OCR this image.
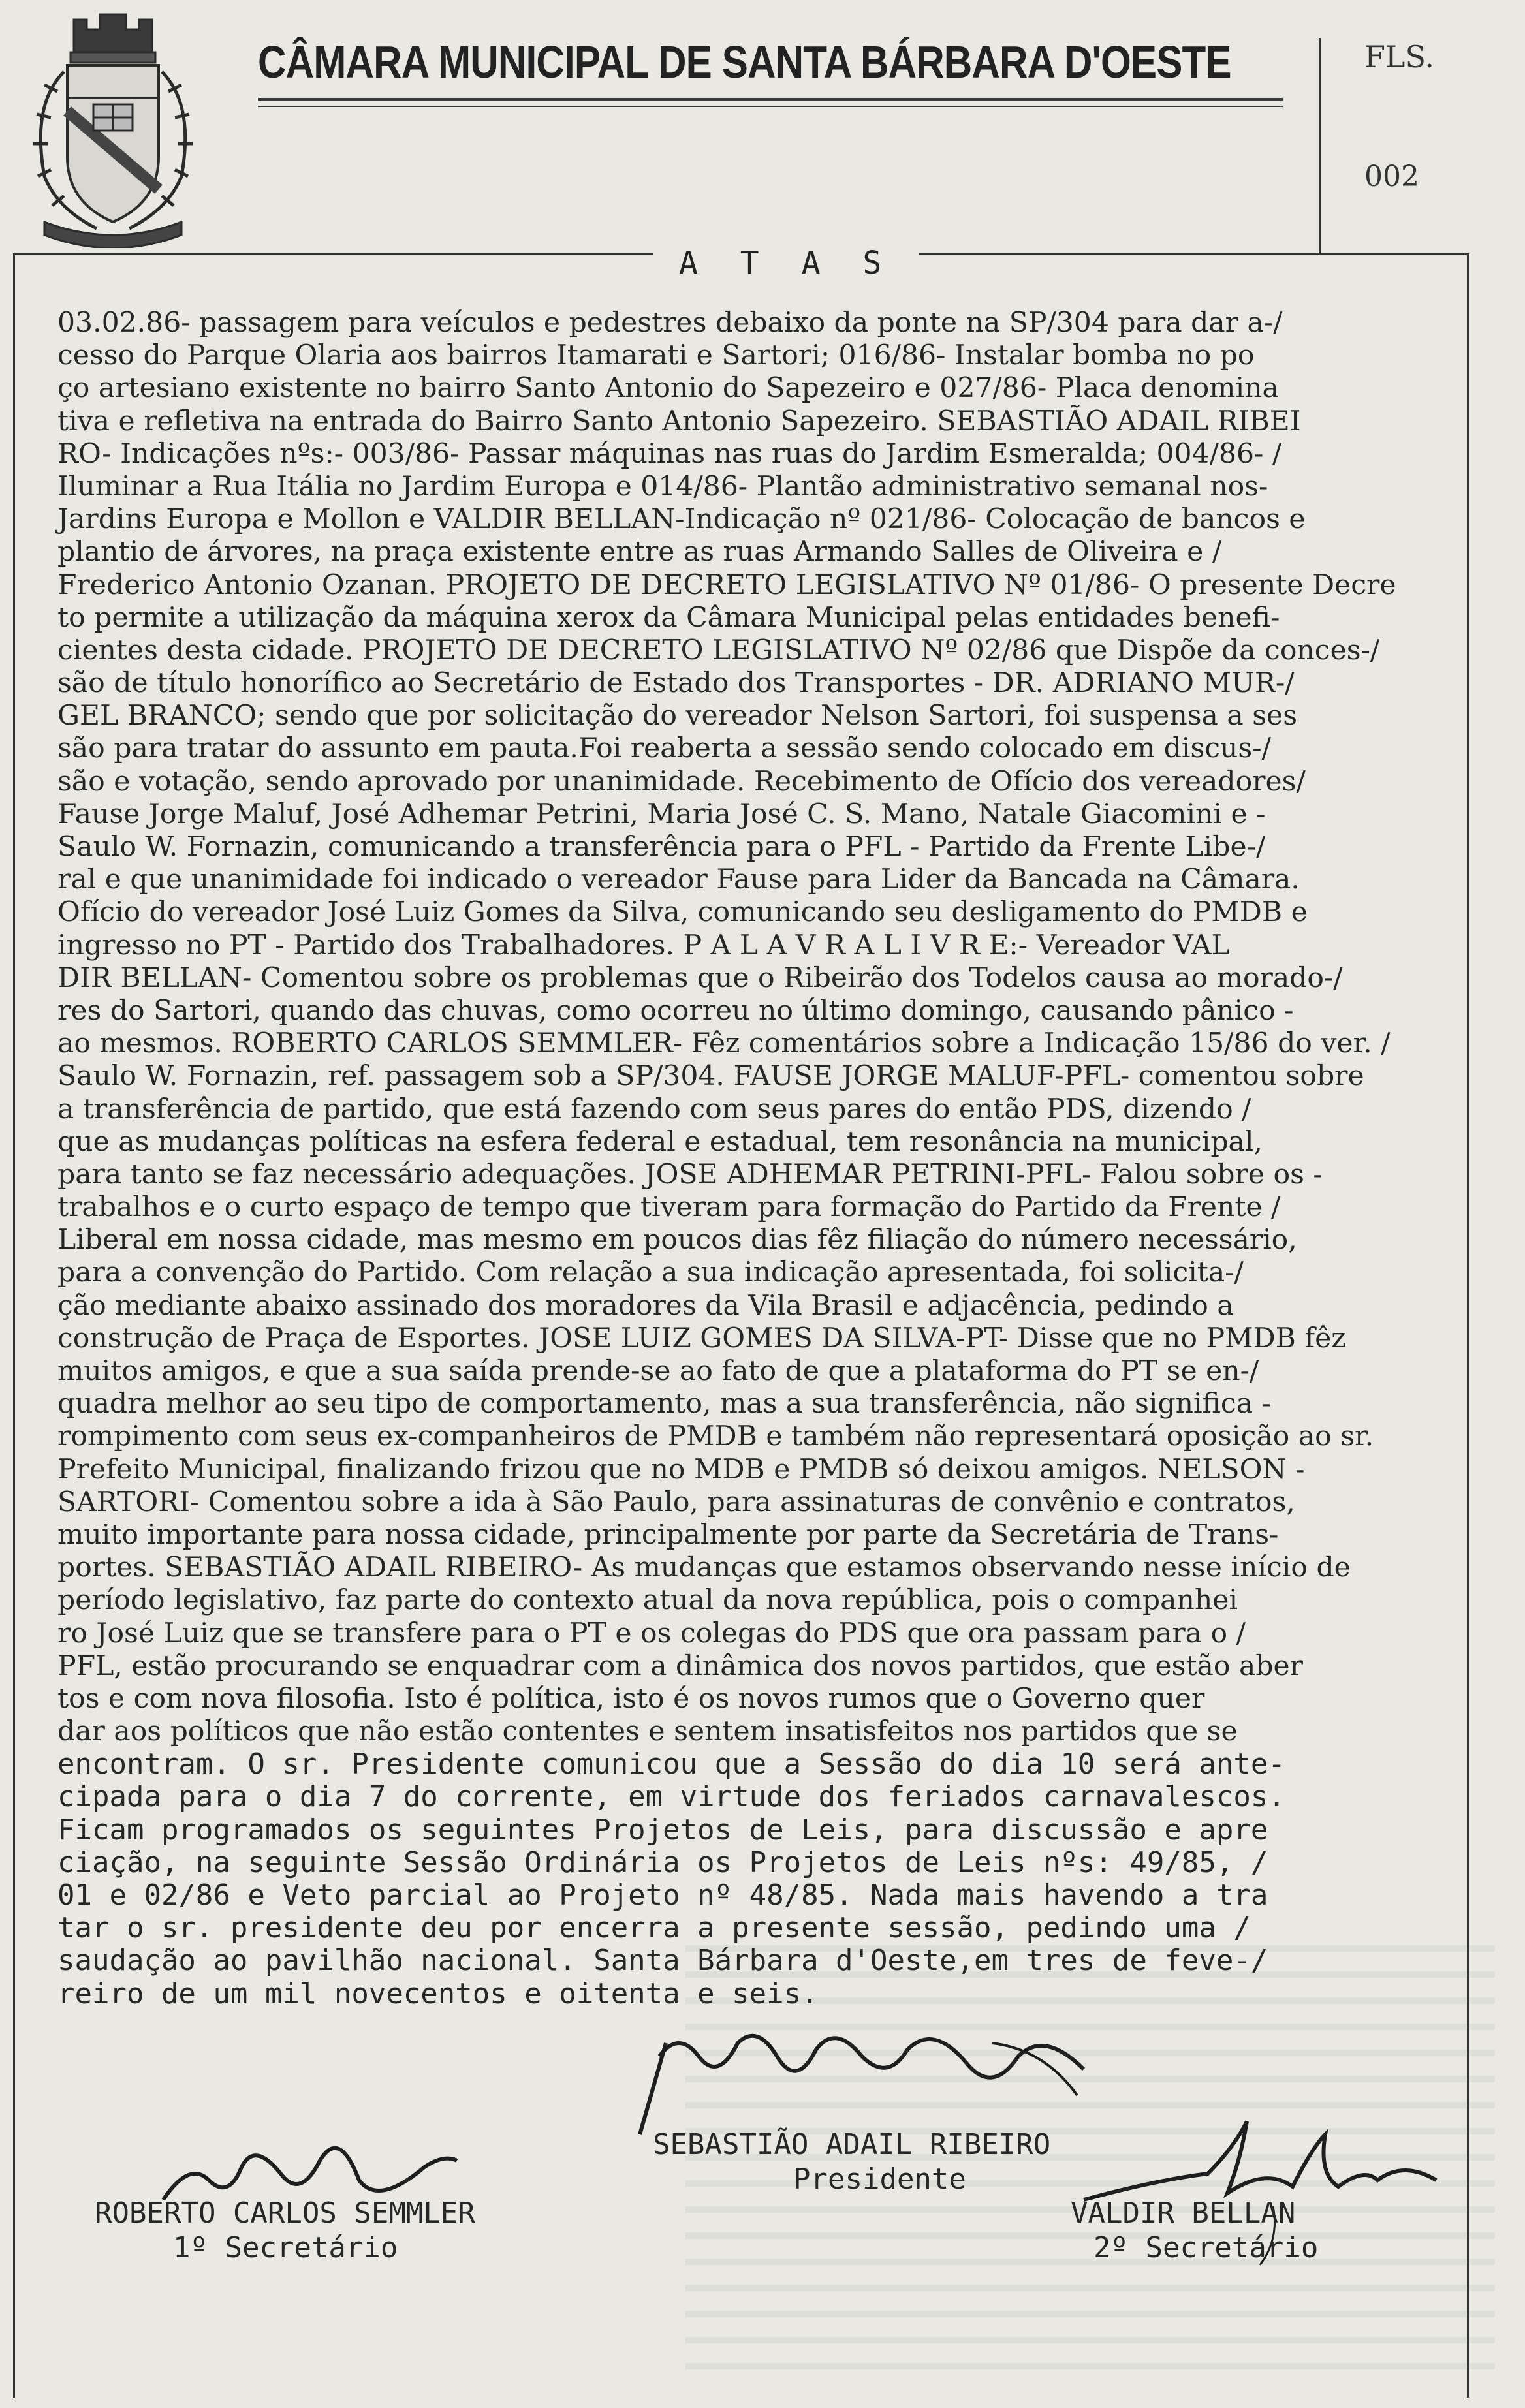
CÂMARA MUNICIPAL DE SANTA BÁRBARA D'OESTE	FLS.
002
A T A S
03.02.86- passagem para veículos e pedestres debaixo da ponte na SP/304 para dar a-/
cesso do Parque Olaria aos bairros Itamarati e Sartori; 016/86- Instalar bomba no po
ço artesiano existente no bairro Santo Antonio do Sapezeiro e 027/86- Placa denomina
tiva e refletiva na entrada do Bairro Santo Antonio Sapezeiro. SEBASTIÃO ADAIL RIBEI
RO- Indicações nºs:- 003/86- Passar máquinas nas ruas do Jardim Esmeralda; 004/86- /
Iluminar a Rua Itália no Jardim Europa e 014/86- Plantão administrativo semanal nos-
Jardins Europa e Mollon e VALDIR BELLAN-Indicação nº 021/86- Colocação de bancos e
plantio de árvores, na praça existente entre as ruas Armando Salles de Oliveira e /
Frederico Antonio Ozanan. PROJETO DE DECRETO LEGISLATIVO Nº 01/86- O presente Decre
to permite a utilização da máquina xerox da Câmara Municipal pelas entidades benefi-
cientes desta cidade. PROJETO DE DECRETO LEGISLATIVO Nº 02/86 que Dispõe da conces-/
são de título honorífico ao Secretário de Estado dos Transportes - DR. ADRIANO MUR-/
GEL BRANCO; sendo que por solicitação do vereador Nelson Sartori, foi suspensa a ses
são para tratar do assunto em pauta.Foi reaberta a sessão sendo colocado em discus-/
são e votação, sendo aprovado por unanimidade. Recebimento de Ofício dos vereadores/
Fause Jorge Maluf, José Adhemar Petrini, Maria José C. S. Mano, Natale Giacomini e -
Saulo W. Fornazin, comunicando a transferência para o PFL - Partido da Frente Libe-/
ral e que unanimidade foi indicado o vereador Fause para Lider da Bancada na Câmara.
Ofício do vereador José Luiz Gomes da Silva, comunicando seu desligamento do PMDB e
ingresso no PT - Partido dos Trabalhadores. P A L A V R A L I V R E:- Vereador VAL
DIR BELLAN- Comentou sobre os problemas que o Ribeirão dos Todelos causa ao morado-/
res do Sartori, quando das chuvas, como ocorreu no último domingo, causando pânico -
ao mesmos. ROBERTO CARLOS SEMMLER- Fêz comentários sobre a Indicação 15/86 do ver. /
Saulo W. Fornazin, ref. passagem sob a SP/304. FAUSE JORGE MALUF-PFL- comentou sobre
a transferência de partido, que está fazendo com seus pares do então PDS, dizendo /
que as mudanças políticas na esfera federal e estadual, tem resonância na municipal,
para tanto se faz necessário adequações. JOSE ADHEMAR PETRINI-PFL- Falou sobre os -
trabalhos e o curto espaço de tempo que tiveram para formação do Partido da Frente /
Liberal em nossa cidade, mas mesmo em poucos dias fêz filiação do número necessário,
para a convenção do Partido. Com relação a sua indicação apresentada, foi solicita-/
ção mediante abaixo assinado dos moradores da Vila Brasil e adjacência, pedindo a
construção de Praça de Esportes. JOSE LUIZ GOMES DA SILVA-PT- Disse que no PMDB fêz
muitos amigos, e que a sua saída prende-se ao fato de que a plataforma do PT se en-/
quadra melhor ao seu tipo de comportamento, mas a sua transferência, não significa -
rompimento com seus ex-companheiros de PMDB e também não representará oposição ao sr.
Prefeito Municipal, finalizando frizou que no MDB e PMDB só deixou amigos. NELSON -
SARTORI- Comentou sobre a ida à São Paulo, para assinaturas de convênio e contratos,
muito importante para nossa cidade, principalmente por parte da Secretária de Trans-
portes. SEBASTIÃO ADAIL RIBEIRO- As mudanças que estamos observando nesse início de
período legislativo, faz parte do contexto atual da nova república, pois o companhei
ro José Luiz que se transfere para o PT e os colegas do PDS que ora passam para o /
PFL, estão procurando se enquadrar com a dinâmica dos novos partidos, que estão aber
tos e com nova filosofia. Isto é política, isto é os novos rumos que o Governo quer
dar aos políticos que não estão contentes e sentem insatisfeitos nos partidos que se
encontram. O sr. Presidente comunicou que a Sessão do dia 10 será ante-
cipada para o dia 7 do corrente, em virtude dos feriados carnavalescos.
Ficam programados os seguintes Projetos de Leis, para discussão e apre
ciação, na seguinte Sessão Ordinária os Projetos de Leis nºs: 49/85, /
01 e 02/86 e Veto parcial ao Projeto nº 48/85. Nada mais havendo a tra
tar o sr. presidente deu por encerra a presente sessão, pedindo uma /
saudação ao pavilhão nacional. Santa Bárbara d'Oeste,em tres de feve-/
reiro de um mil novecentos e oitenta e seis.
SEBASTIÃO ADAIL RIBEIRO
Presidente
ROBERTO CARLOS SEMMLER
1º Secretário
VALDIR BELLAN
2º Secretário
